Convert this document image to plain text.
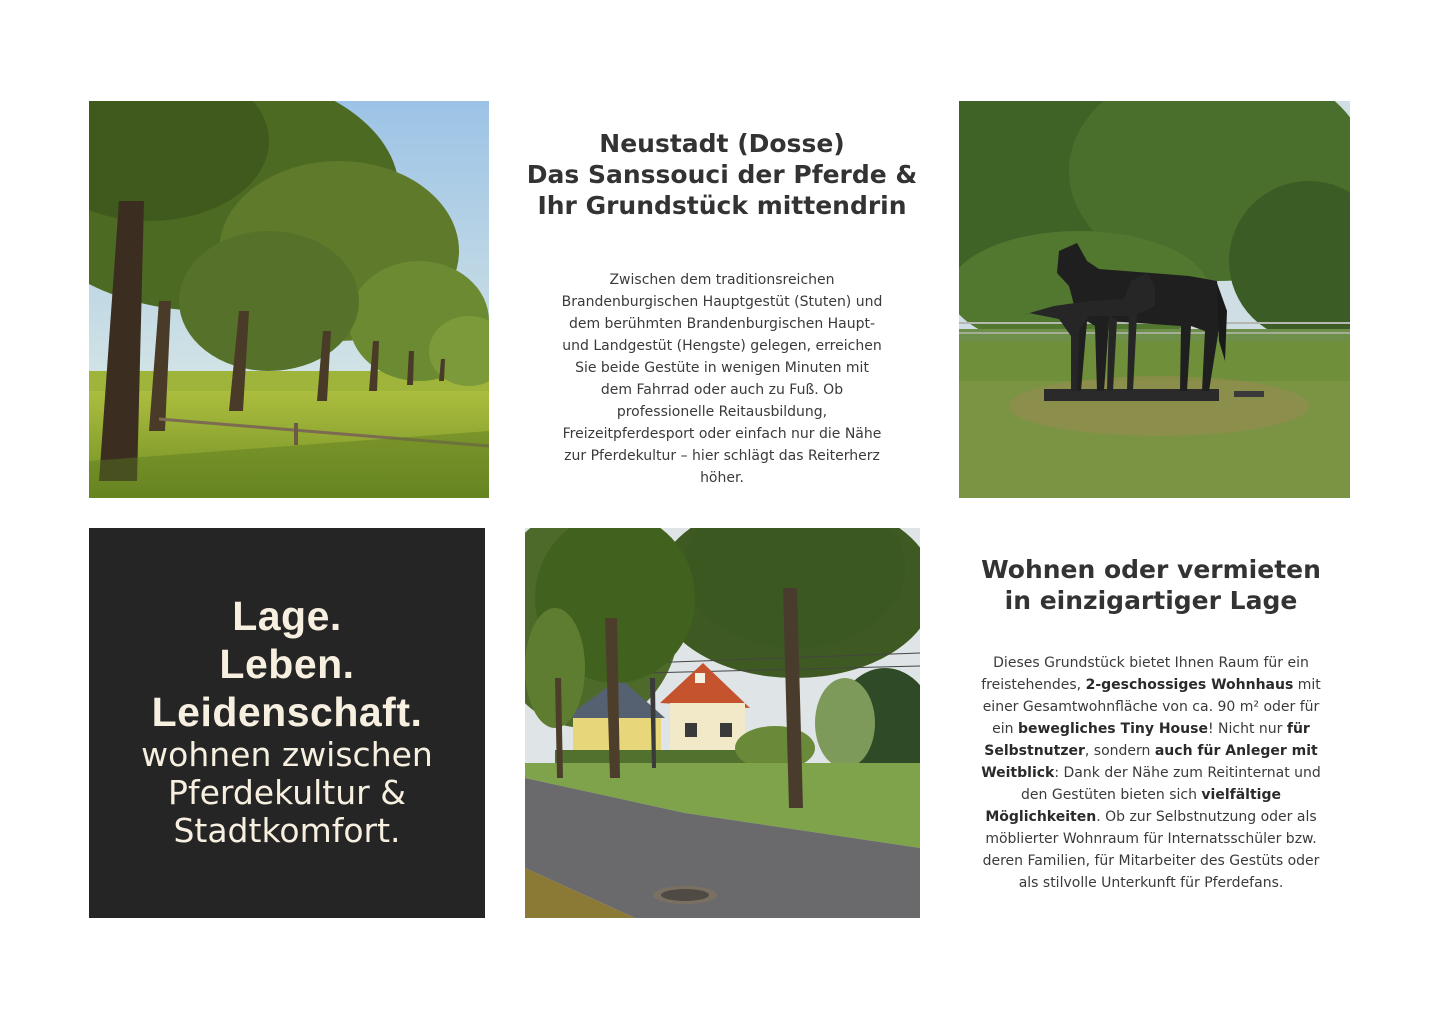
Neustadt (Dosse)
Das Sanssouci der Pferde &
Ihr Grundstück mittendrin

Zwischen dem traditionsreichen Brandenburgischen Hauptgestüt (Stuten) und dem berühmten Brandenburgischen Haupt- und Landgestüt (Hengste) gelegen, erreichen Sie beide Gestüte in wenigen Minuten mit dem Fahrrad oder auch zu Fuß. Ob professionelle Reitausbildung, Freizeitpferdesport oder einfach nur die Nähe zur Pferdekultur – hier schlägt das Reiterherz höher.

Lage.

Leben.

Leidenschaft.

wohnen zwischen

Pferdekultur &

Stadtkomfort.

Wohnen oder vermieten
in einzigartiger Lage

Dieses Grundstück bietet Ihnen Raum für ein freistehendes, 2-geschossiges Wohnhaus mit einer Gesamtwohnfläche von ca. 90 m² oder für ein bewegliches Tiny House! Nicht nur für Selbstnutzer, sondern auch für Anleger mit Weitblick: Dank der Nähe zum Reitinternat und den Gestüten bieten sich vielfältige Möglichkeiten. Ob zur Selbstnutzung oder als möblierter Wohnraum für Internatsschüler bzw. deren Familien, für Mitarbeiter des Gestüts oder als stilvolle Unterkunft für Pferdefans.
